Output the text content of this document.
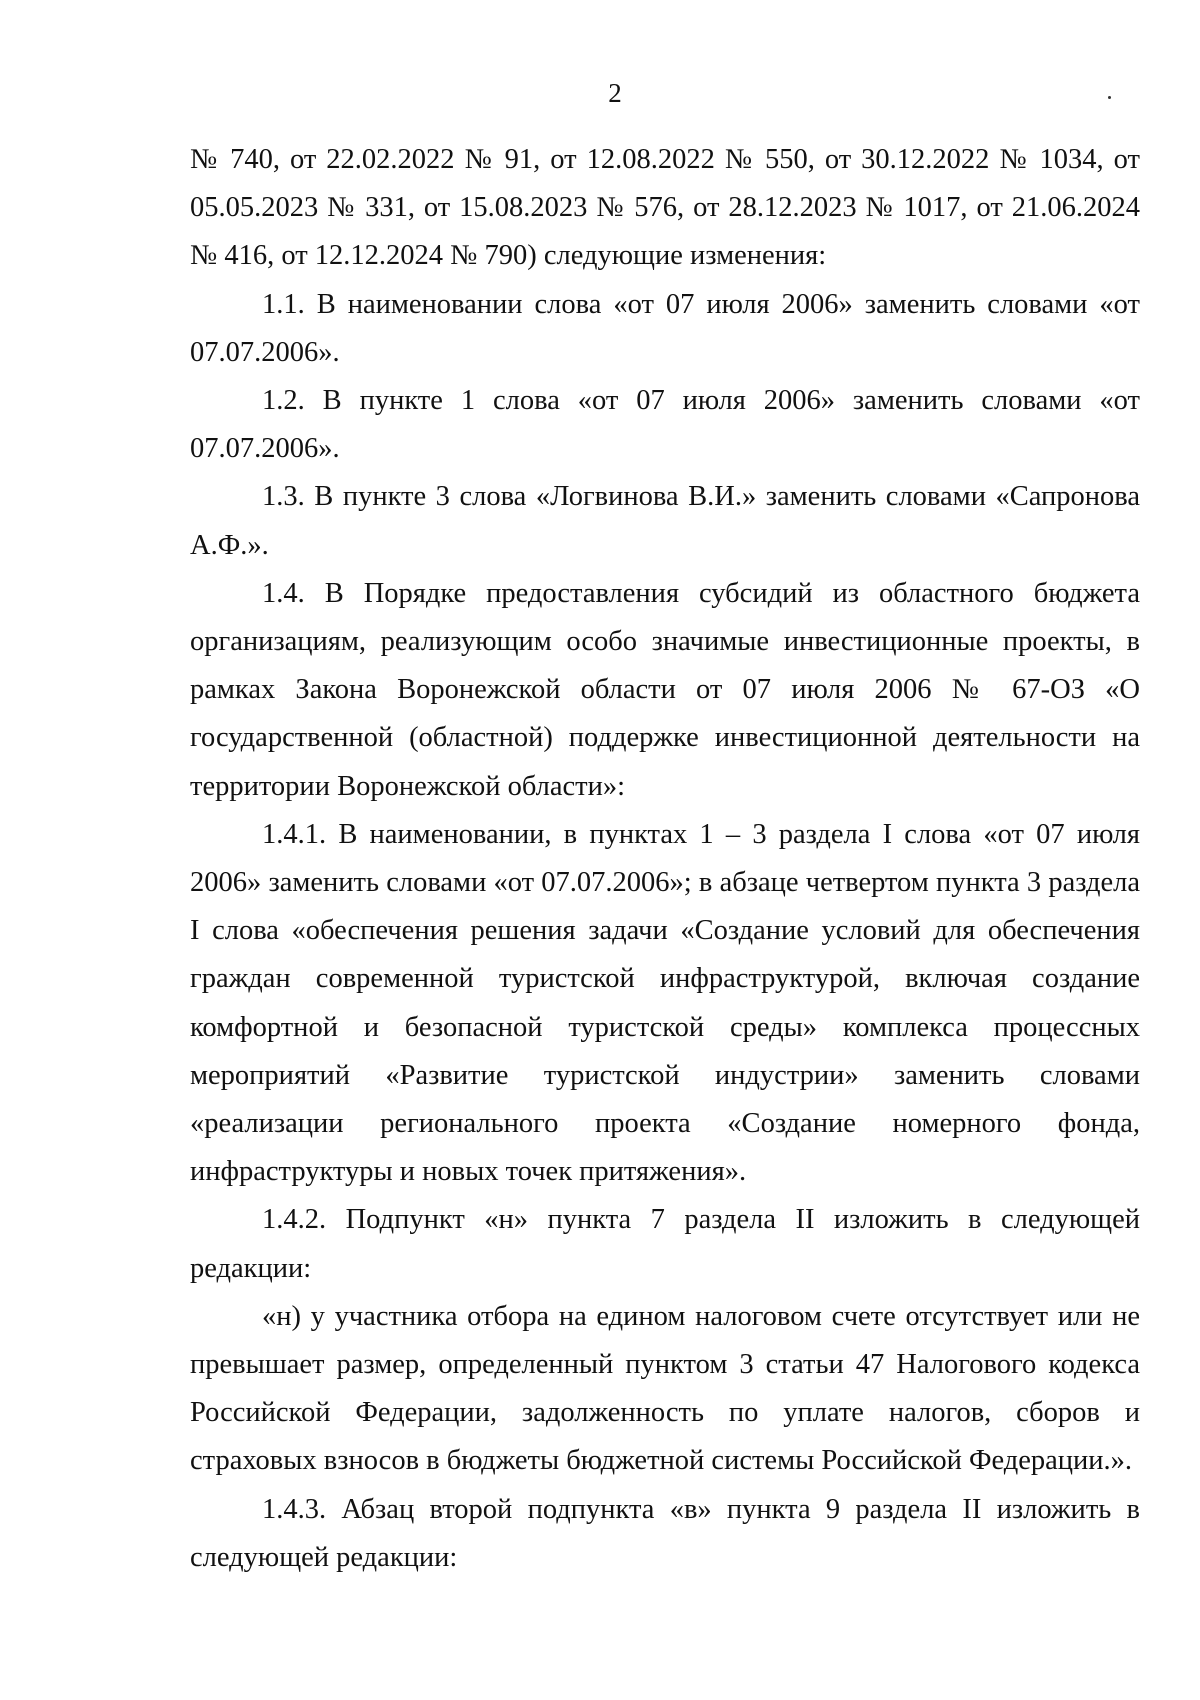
2

№ 740, от 22.02.2022 № 91, от 12.08.2022 № 550, от 30.12.2022 № 1034, от 05.05.2023 № 331, от 15.08.2023 № 576, от 28.12.2023 № 1017, от 21.06.2024 № 416, от 12.12.2024 № 790) следующие изменения:

1.1. В наименовании слова «от 07 июля 2006» заменить словами «от 07.07.2006».

1.2. В пункте 1 слова «от 07 июля 2006» заменить словами «от 07.07.2006».

1.3. В пункте 3 слова «Логвинова В.И.» заменить словами «Сапронова А.Ф.».

1.4. В Порядке предоставления субсидий из областного бюджета организациям, реализующим особо значимые инвестиционные проекты, в рамках Закона Воронежской области от 07 июля 2006 № 67-ОЗ «О государственной (областной) поддержке инвестиционной деятельности на территории Воронежской области»:

1.4.1. В наименовании, в пунктах 1 – 3 раздела I слова «от 07 июля 2006» заменить словами «от 07.07.2006»; в абзаце четвертом пункта 3 раздела I слова «обеспечения решения задачи «Создание условий для обеспечения граждан современной туристской инфраструктурой, включая создание комфортной и безопасной туристской среды» комплекса процессных мероприятий «Развитие туристской индустрии» заменить словами «реализации регионального проекта «Создание номерного фонда, инфраструктуры и новых точек притяжения».

1.4.2. Подпункт «н» пункта 7 раздела II изложить в следующей редакции:

«н) у участника отбора на едином налоговом счете отсутствует или не превышает размер, определенный пунктом 3 статьи 47 Налогового кодекса Российской Федерации, задолженность по уплате налогов, сборов и страховых взносов в бюджеты бюджетной системы Российской Федерации.».

1.4.3. Абзац второй подпункта «в» пункта 9 раздела II изложить в следующей редакции:
